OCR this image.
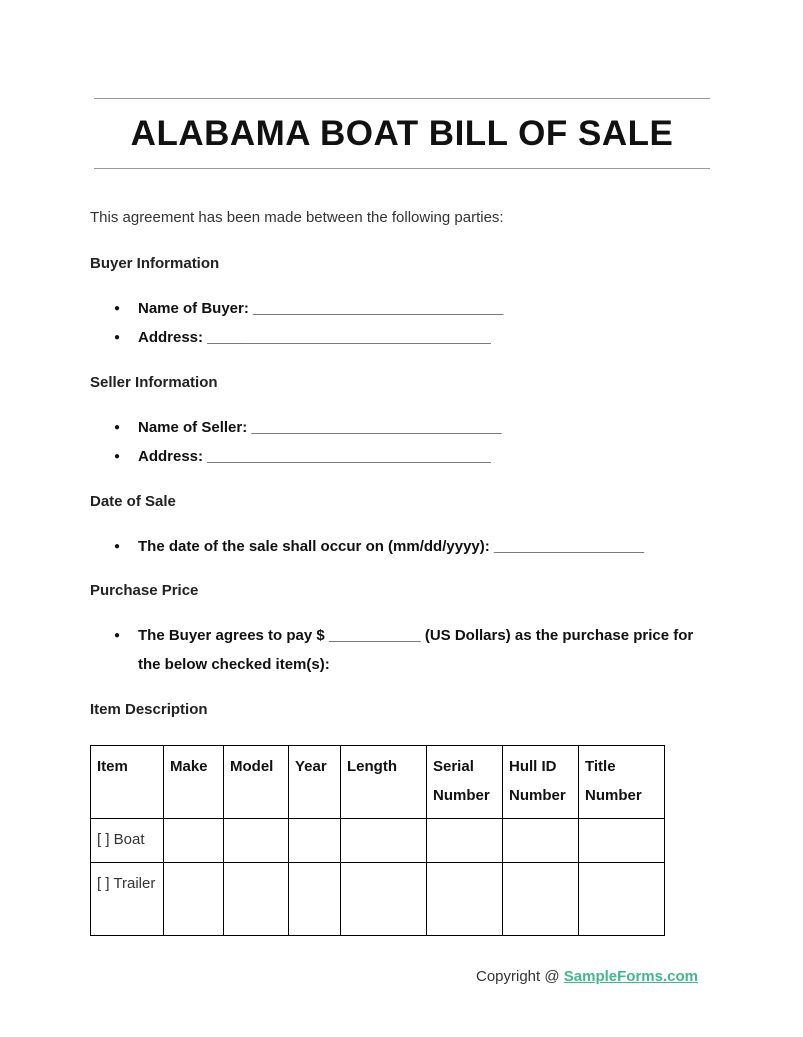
ALABAMA BOAT BILL OF SALE
This agreement has been made between the following parties:
Buyer Information
● Name of Buyer: ______________________________
● Address: __________________________________
Seller Information
● Name of Seller: ______________________________
● Address: __________________________________
Date of Sale
● The date of the sale shall occur on (mm/dd/yyyy): __________________
Purchase Price
● The Buyer agrees to pay $ ___________ (US Dollars) as the purchase price for the below checked item(s):
Item Description
Item	Make	Model	Year	Length	Serial Number	Hull ID Number	Title Number
[ ] Boat							
[ ] Trailer							
Copyright @ SampleForms.com
